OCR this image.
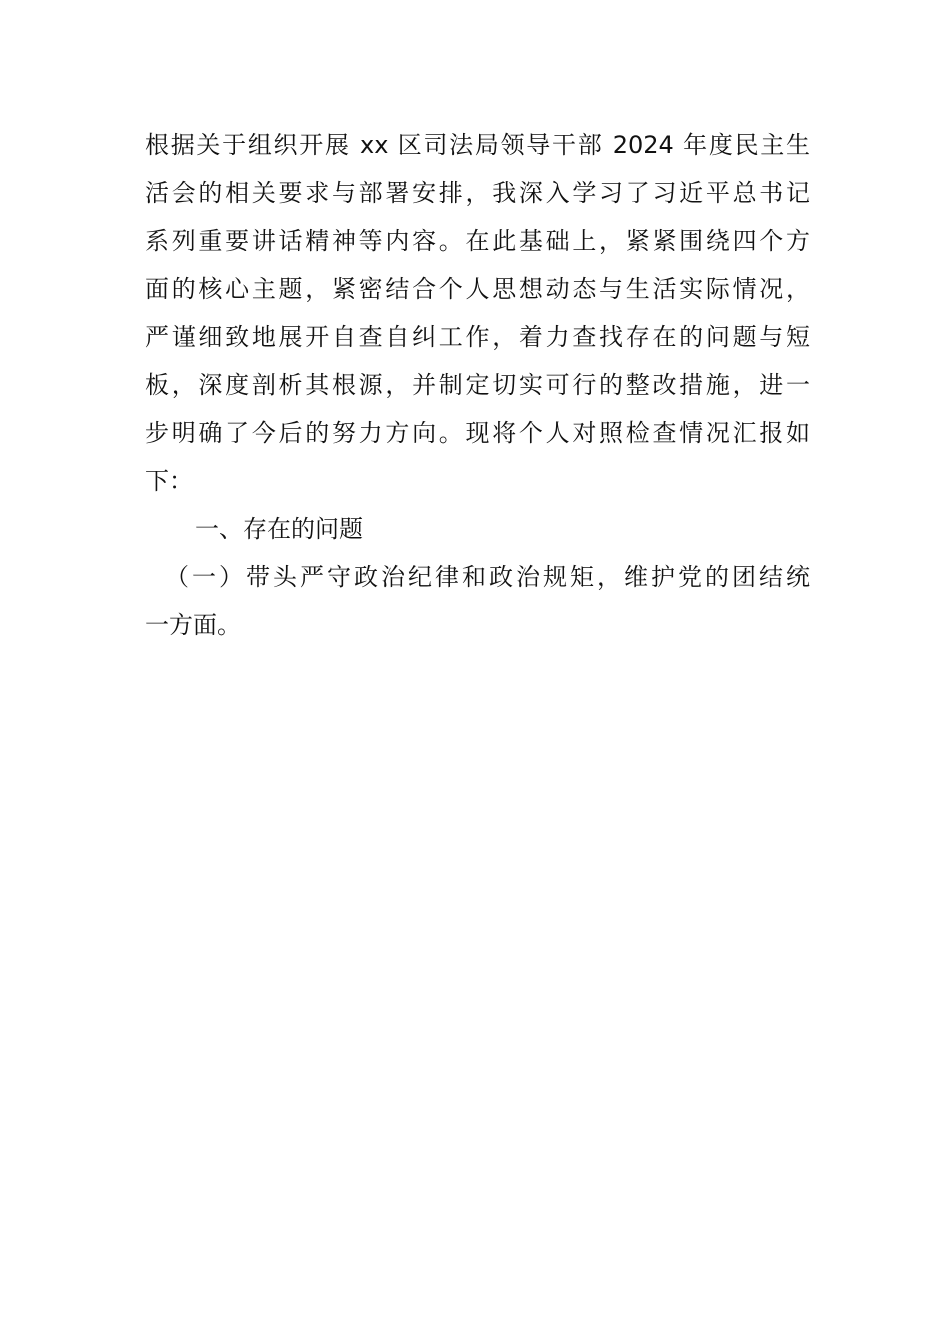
根据关于组织开展 xx 区司法局领导干部 2024 年度民主生
活会的相关要求与部署安排，我深入学习了习近平总书记
系列重要讲话精神等内容。在此基础上，紧紧围绕四个方
面的核心主题，紧密结合个人思想动态与生活实际情况，
严谨细致地展开自查自纠工作，着力查找存在的问题与短
板，深度剖析其根源，并制定切实可行的整改措施，进一
步明确了今后的努力方向。现将个人对照检查情况汇报如
下：
一、存在的问题
（一）带头严守政治纪律和政治规矩，维护党的团结统
一方面。
